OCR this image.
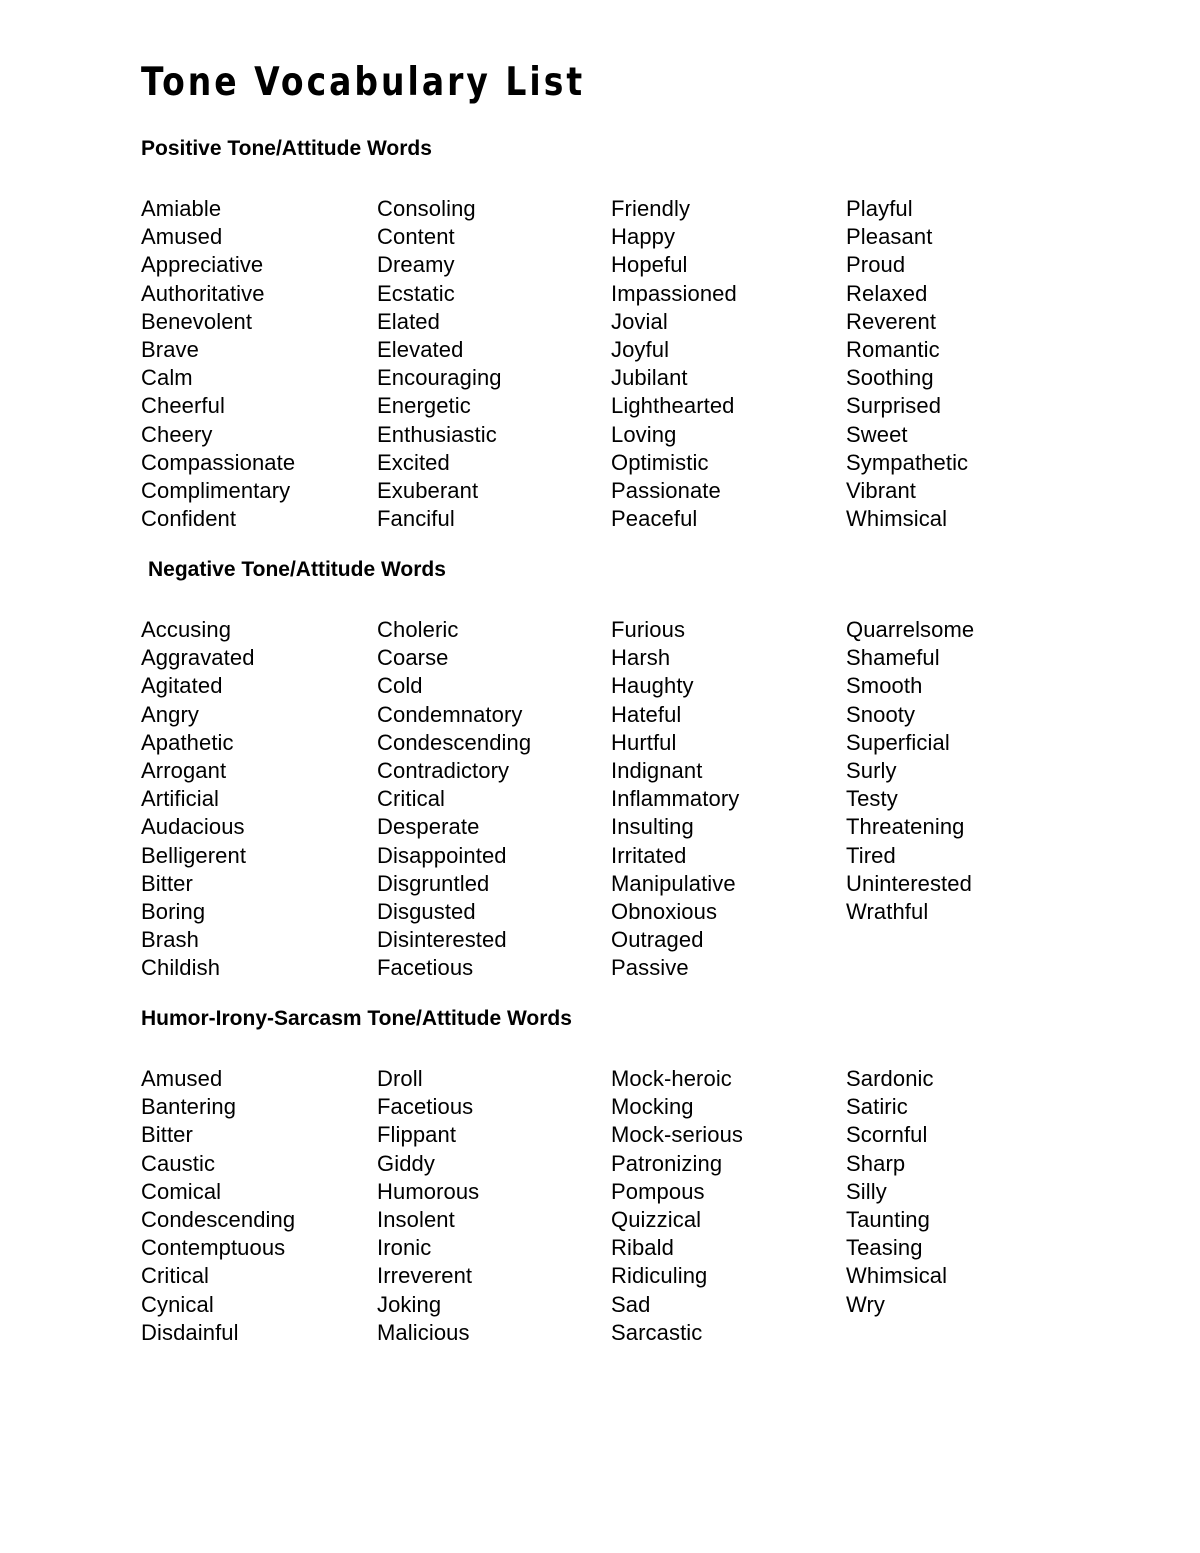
Tone Vocabulary List
Positive Tone/Attitude Words
Amiable
Amused
Appreciative
Authoritative
Benevolent
Brave
Calm
Cheerful
Cheery
Compassionate
Complimentary
Confident
Consoling
Content
Dreamy
Ecstatic
Elated
Elevated
Encouraging
Energetic
Enthusiastic
Excited
Exuberant
Fanciful
Friendly
Happy
Hopeful
Impassioned
Jovial
Joyful
Jubilant
Lighthearted
Loving
Optimistic
Passionate
Peaceful
Playful
Pleasant
Proud
Relaxed
Reverent
Romantic
Soothing
Surprised
Sweet
Sympathetic
Vibrant
Whimsical
Negative Tone/Attitude Words
Accusing
Aggravated
Agitated
Angry
Apathetic
Arrogant
Artificial
Audacious
Belligerent
Bitter
Boring
Brash
Childish
Choleric
Coarse
Cold
Condemnatory
Condescending
Contradictory
Critical
Desperate
Disappointed
Disgruntled
Disgusted
Disinterested
Facetious
Furious
Harsh
Haughty
Hateful
Hurtful
Indignant
Inflammatory
Insulting
Irritated
Manipulative
Obnoxious
Outraged
Passive
Quarrelsome
Shameful
Smooth
Snooty
Superficial
Surly
Testy
Threatening
Tired
Uninterested
Wrathful
Humor-Irony-Sarcasm Tone/Attitude Words
Amused
Bantering
Bitter
Caustic
Comical
Condescending
Contemptuous
Critical
Cynical
Disdainful
Droll
Facetious
Flippant
Giddy
Humorous
Insolent
Ironic
Irreverent
Joking
Malicious
Mock-heroic
Mocking
Mock-serious
Patronizing
Pompous
Quizzical
Ribald
Ridiculing
Sad
Sarcastic
Sardonic
Satiric
Scornful
Sharp
Silly
Taunting
Teasing
Whimsical
Wry
